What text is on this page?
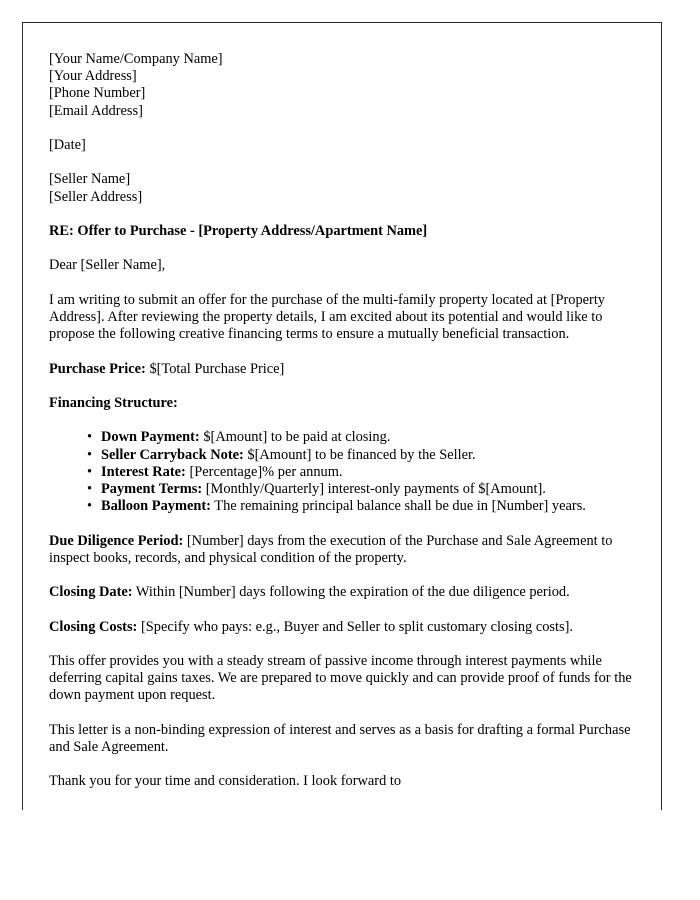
[Your Name/Company Name]
[Your Address]
[Phone Number]
[Email Address]

[Date]

[Seller Name]
[Seller Address]

RE: Offer to Purchase - [Property Address/Apartment Name]

Dear [Seller Name],

I am writing to submit an offer for the purchase of the multi-family property located at [Property Address]. After reviewing the property details, I am excited about its potential and would like to propose the following creative financing terms to ensure a mutually beneficial transaction.

Purchase Price: $[Total Purchase Price]

Financing Structure:

• Down Payment: $[Amount] to be paid at closing.
• Seller Carryback Note: $[Amount] to be financed by the Seller.
• Interest Rate: [Percentage]% per annum.
• Payment Terms: [Monthly/Quarterly] interest-only payments of $[Amount].
• Balloon Payment: The remaining principal balance shall be due in [Number] years.

Due Diligence Period: [Number] days from the execution of the Purchase and Sale Agreement to inspect books, records, and physical condition of the property.

Closing Date: Within [Number] days following the expiration of the due diligence period.

Closing Costs: [Specify who pays: e.g., Buyer and Seller to split customary closing costs].

This offer provides you with a steady stream of passive income through interest payments while deferring capital gains taxes. We are prepared to move quickly and can provide proof of funds for the down payment upon request.

This letter is a non-binding expression of interest and serves as a basis for drafting a formal Purchase and Sale Agreement.

Thank you for your time and consideration. I look forward to
